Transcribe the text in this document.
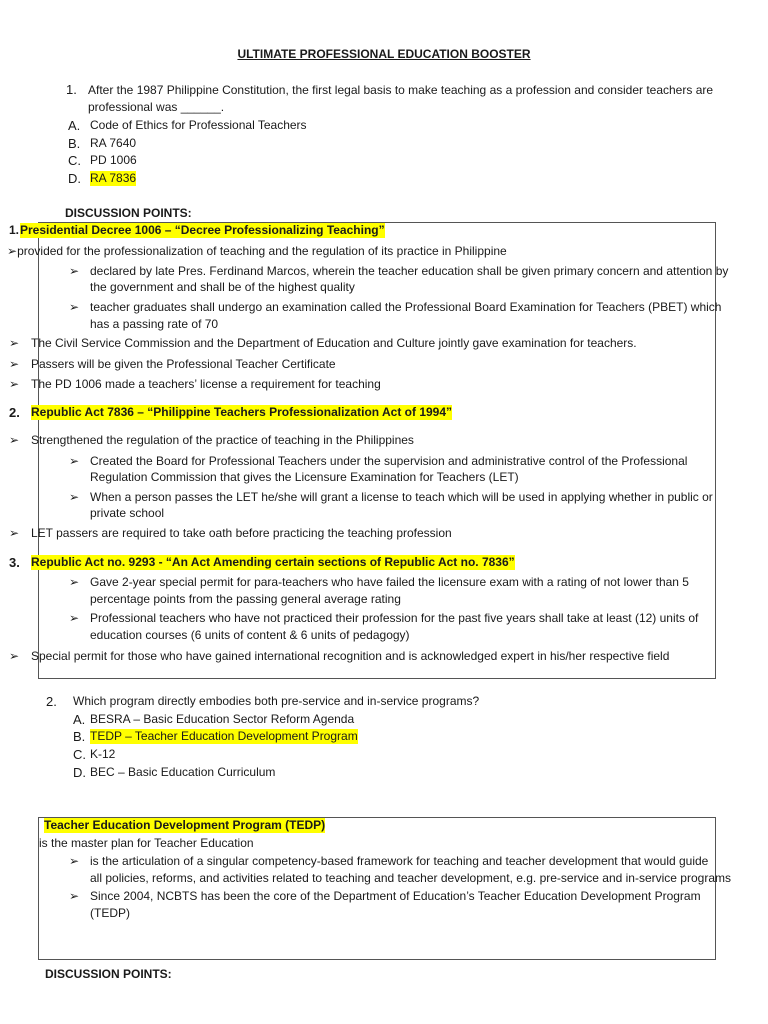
ULTIMATE PROFESSIONAL EDUCATION BOOSTER
1. After the 1987 Philippine Constitution, the first legal basis to make teaching as a profession and consider teachers are
professional was ______.
A. Code of Ethics for Professional Teachers
B. RA 7640
C. PD 1006
D. RA 7836
DISCUSSION POINTS:
1. Presidential Decree 1006 – “Decree Professionalizing Teaching”
➢provided for the professionalization of teaching and the regulation of its practice in Philippine
➢ declared by late Pres. Ferdinand Marcos, wherein the teacher education shall be given primary concern and attention by
the government and shall be of the highest quality
➢ teacher graduates shall undergo an examination called the Professional Board Examination for Teachers (PBET) which
has a passing rate of 70
➢ The Civil Service Commission and the Department of Education and Culture jointly gave examination for teachers.
➢ Passers will be given the Professional Teacher Certificate
➢ The PD 1006 made a teachers’ license a requirement for teaching
2. Republic Act 7836 – “Philippine Teachers Professionalization Act of 1994”
➢ Strengthened the regulation of the practice of teaching in the Philippines
➢ Created the Board for Professional Teachers under the supervision and administrative control of the Professional
Regulation Commission that gives the Licensure Examination for Teachers (LET)
➢ When a person passes the LET he/she will grant a license to teach which will be used in applying whether in public or
private school
➢ LET passers are required to take oath before practicing the teaching profession
3. Republic Act no. 9293 - “An Act Amending certain sections of Republic Act no. 7836”
➢ Gave 2-year special permit for para-teachers who have failed the licensure exam with a rating of not lower than 5
percentage points from the passing general average rating
➢ Professional teachers who have not practiced their profession for the past five years shall take at least (12) units of
education courses (6 units of content & 6 units of pedagogy)
➢ Special permit for those who have gained international recognition and is acknowledged expert in his/her respective field
2. Which program directly embodies both pre-service and in-service programs?
A. BESRA – Basic Education Sector Reform Agenda
B. TEDP – Teacher Education Development Program
C. K-12
D. BEC – Basic Education Curriculum
Teacher Education Development Program (TEDP)
is the master plan for Teacher Education
➢ is the articulation of a singular competency-based framework for teaching and teacher development that would guide
all policies, reforms, and activities related to teaching and teacher development, e.g. pre-service and in-service programs
➢ Since 2004, NCBTS has been the core of the Department of Education’s Teacher Education Development Program
(TEDP)
DISCUSSION POINTS:
